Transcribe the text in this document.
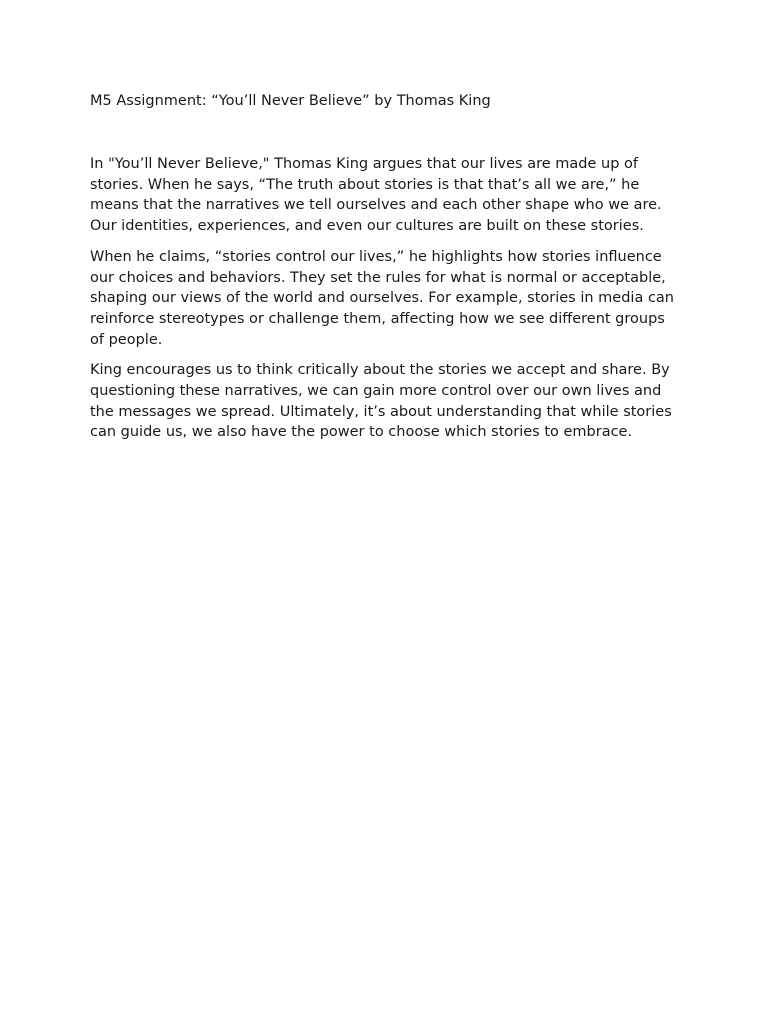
M5 Assignment: “You’ll Never Believe” by Thomas King

In "You’ll Never Believe," Thomas King argues that our lives are made up of stories. When he says, “The truth about stories is that that’s all we are,” he means that the narratives we tell ourselves and each other shape who we are. Our identities, experiences, and even our cultures are built on these stories.

When he claims, “stories control our lives,” he highlights how stories influence our choices and behaviors. They set the rules for what is normal or acceptable, shaping our views of the world and ourselves. For example, stories in media can reinforce stereotypes or challenge them, affecting how we see different groups of people.

King encourages us to think critically about the stories we accept and share. By questioning these narratives, we can gain more control over our own lives and the messages we spread. Ultimately, it’s about understanding that while stories can guide us, we also have the power to choose which stories to embrace.
